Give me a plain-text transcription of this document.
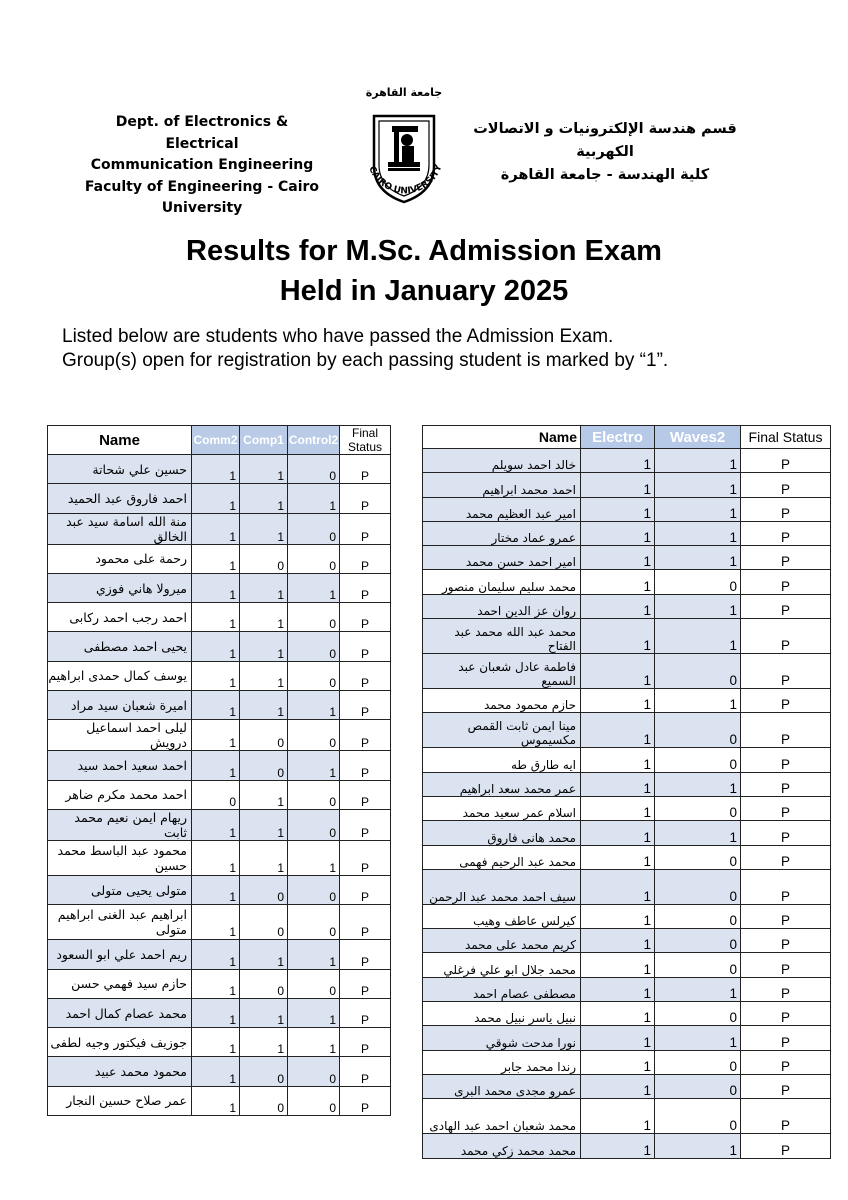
Dept. of Electronics & Electrical
Communication Engineering
Faculty of Engineering - Cairo
University
جامعة القاهرة
CAIRO UNIVERSITY
قسم هندسة الإلكترونيات و الاتصالات
الكهربية
كلية الهندسة - جامعة القاهرة
Results for M.Sc. Admission Exam
Held in January 2025
Listed below are students who have passed the Admission Exam.
Group(s) open for registration by each passing student is marked by “1”.
Name	Comm2	Comp1	Control2	Final Status
حسين علي شحاتة	1	1	0	P
احمد فاروق عبد الحميد	1	1	1	P
منة الله اسامة سيد عبد الخالق	1	1	0	P
رحمة على محمود	1	0	0	P
ميرولا هاني فوزي	1	1	1	P
احمد رجب احمد ركابى	1	1	0	P
يحيى احمد مصطفى	1	1	0	P
يوسف كمال حمدى ابراهيم	1	1	0	P
اميرة شعبان سيد مراد	1	1	1	P
ليلى احمد اسماعيل درويش	1	0	0	P
احمد سعيد احمد سيد	1	0	1	P
احمد محمد مكرم ضاهر	0	1	0	P
ريهام ايمن نعيم محمد ثابت	1	1	0	P
محمود عبد الباسط محمد حسين	1	1	1	P
متولى يحيى متولى	1	0	0	P
ابراهيم عبد الغنى ابراهيم متولى	1	0	0	P
ريم احمد علي ابو السعود	1	1	1	P
حازم سيد فهمي حسن	1	0	0	P
محمد عصام كمال احمد	1	1	1	P
جوزيف فيكتور وجيه لطفى	1	1	1	P
محمود محمد عبيد	1	0	0	P
عمر صلاح حسين النجار	1	0	0	P
Name	Electro	Waves2	Final Status
خالد احمد سويلم	1	1	P
احمد محمد ابراهيم	1	1	P
امير عبد العظيم محمد	1	1	P
عمرو عماد مختار	1	1	P
امير احمد حسن محمد	1	1	P
محمد سليم سليمان منصور	1	0	P
روان عز الدين احمد	1	1	P
محمد عبد الله محمد عبد الفتاح	1	1	P
فاطمة عادل شعبان عبد السميع	1	0	P
حازم محمود محمد	1	1	P
مينا ايمن ثابت القمص مكسيموس	1	0	P
ايه طارق طه	1	0	P
عمر محمد سعد ابراهيم	1	1	P
اسلام عمر سعيد محمد	1	0	P
محمد هانى فاروق	1	1	P
محمد عبد الرحيم فهمى	1	0	P
سيف احمد محمد عبد الرحمن	1	0	P
كيرلس عاطف وهيب	1	0	P
كريم محمد على محمد	1	0	P
محمد جلال ابو علي فرغلي	1	0	P
مصطفى عصام احمد	1	1	P
نبيل ياسر نبيل محمد	1	0	P
نورا مدحت شوقي	1	1	P
رندا محمد جابر	1	0	P
عمرو مجدى محمد البرى	1	0	P
محمد شعبان احمد عبد الهادى	1	0	P
محمد محمد زكي محمد	1	1	P
